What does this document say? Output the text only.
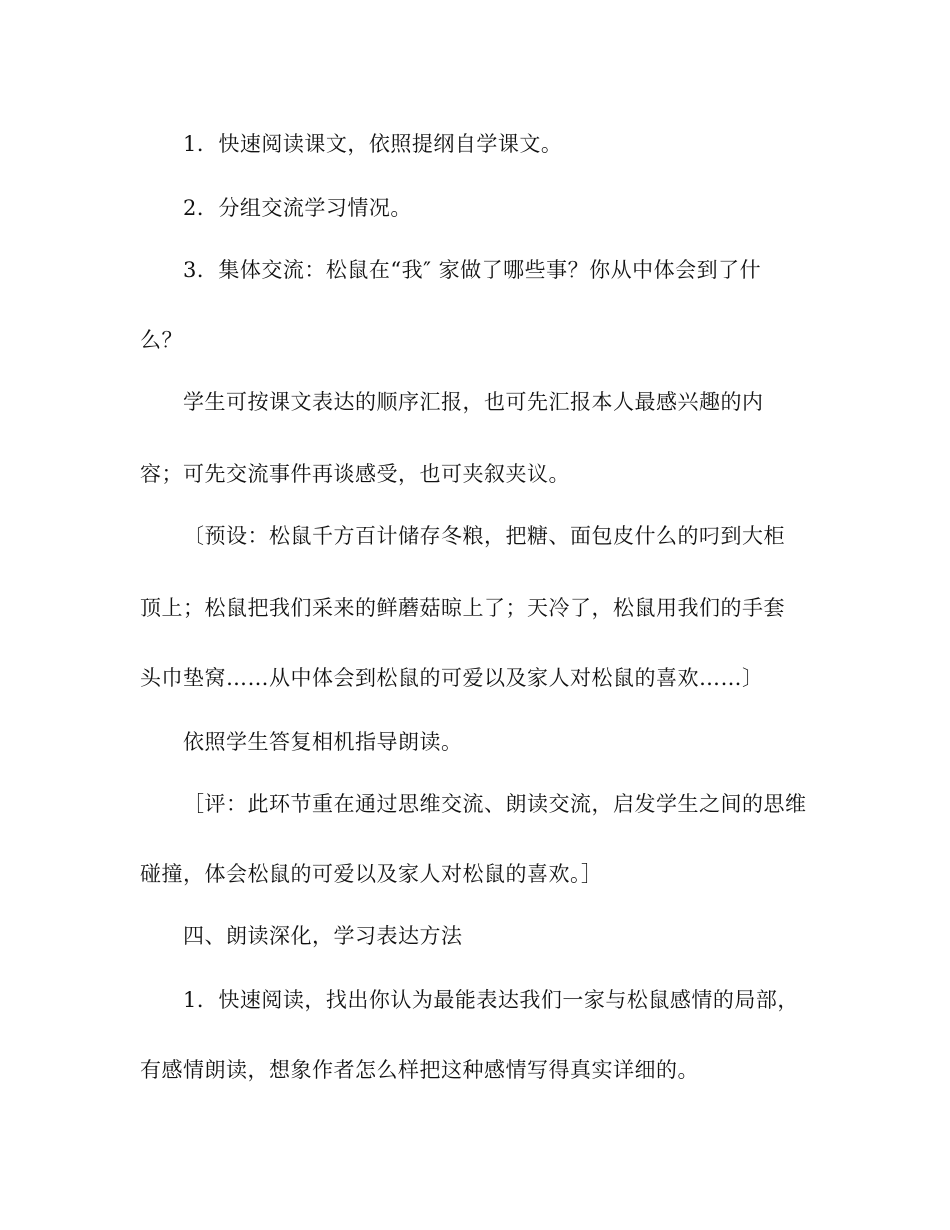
1．快速阅读课文，依照提纲自学课文。
2．分组交流学习情况。
3．集体交流：松鼠在“我″ 家做了哪些事？你从中体会到了什
么？
学生可按课文表达的顺序汇报，也可先汇报本人最感兴趣的内
容；可先交流事件再谈感受，也可夹叙夹议。
〔预设：松鼠千方百计储存冬粮，把糖、面包皮什么的叼到大柜
顶上；松鼠把我们采来的鲜蘑菇晾上了；天冷了，松鼠用我们的手套
头巾垫窝……从中体会到松鼠的可爱以及家人对松鼠的喜欢……〕
依照学生答复相机指导朗读。
［评：此环节重在通过思维交流、朗读交流，启发学生之间的思维
碰撞，体会松鼠的可爱以及家人对松鼠的喜欢。］
四、朗读深化，学习表达方法
1．快速阅读，找出你认为最能表达我们一家与松鼠感情的局部，
有感情朗读，想象作者怎么样把这种感情写得真实详细的。
